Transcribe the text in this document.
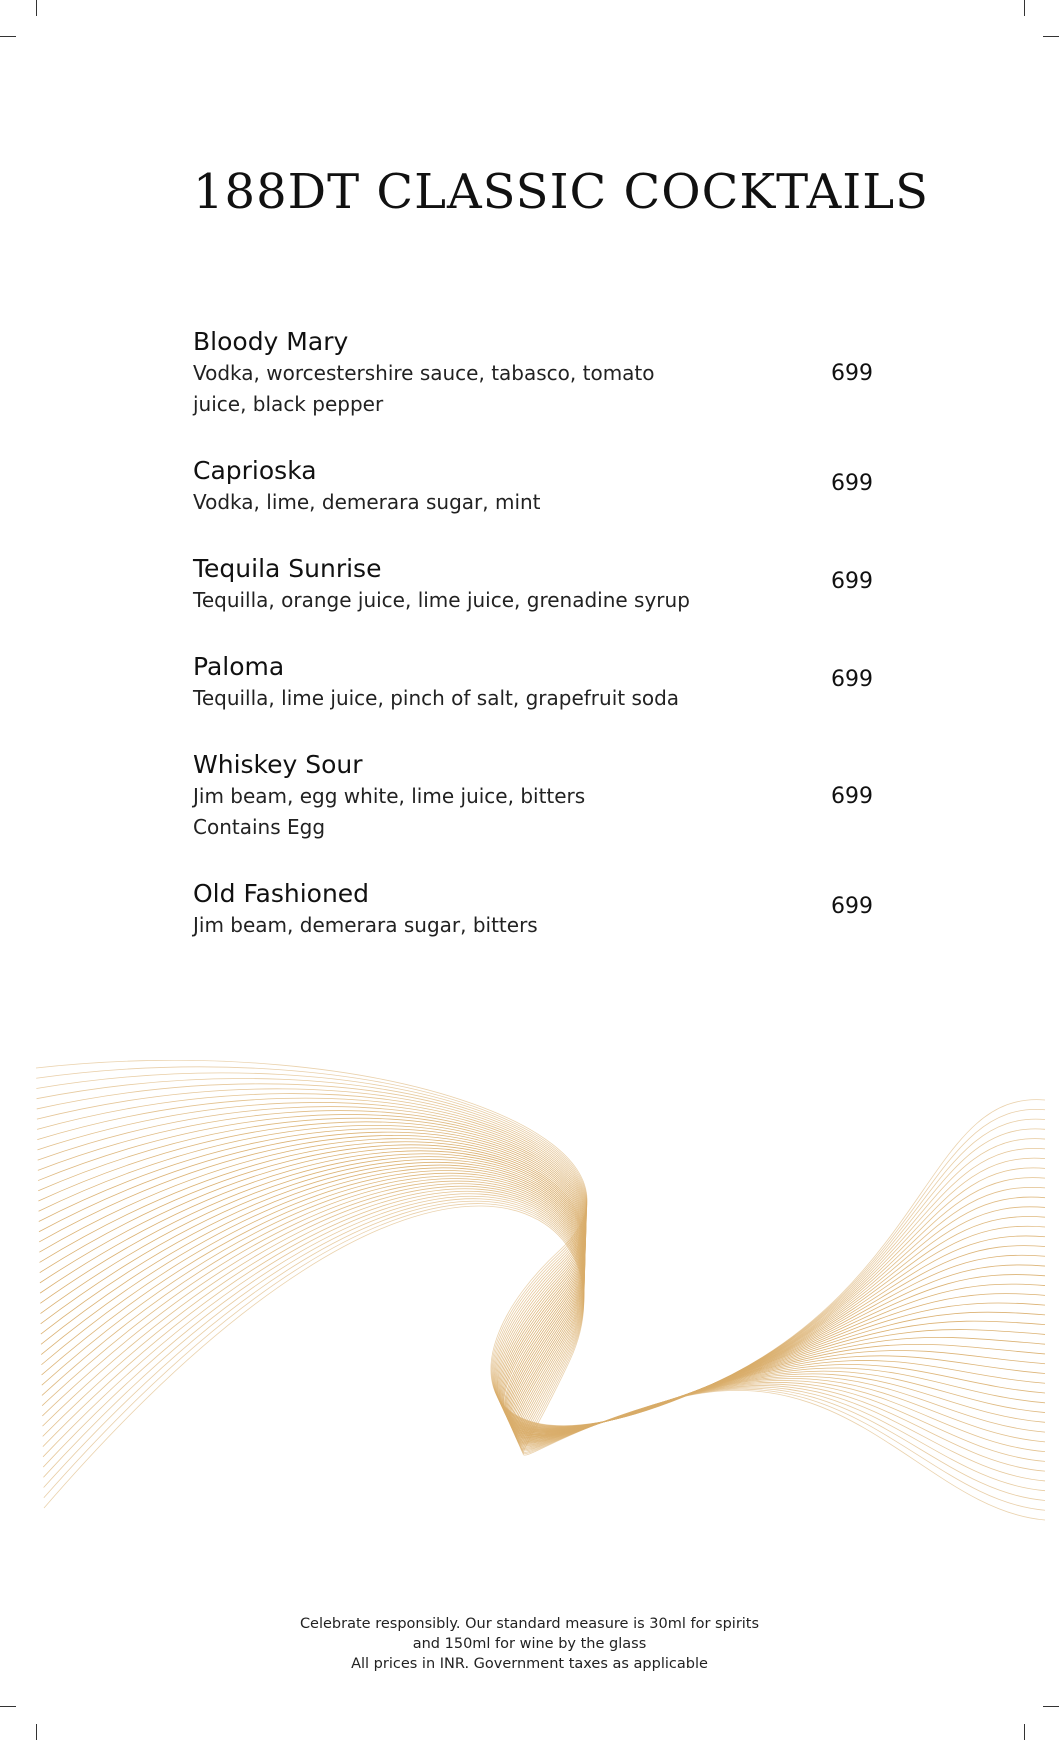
188DT CLASSIC COCKTAILS
Bloody Mary
Vodka, worcestershire sauce, tabasco, tomato
juice, black pepper
699
Caprioska
Vodka, lime, demerara sugar, mint
699
Tequila Sunrise
Tequilla, orange juice, lime juice, grenadine syrup
699
Paloma
Tequilla, lime juice, pinch of salt, grapefruit soda
699
Whiskey Sour
Jim beam, egg white, lime juice, bitters
Contains Egg
699
Old Fashioned
Jim beam, demerara sugar, bitters
699
Celebrate responsibly. Our standard measure is 30ml for spirits
and 150ml for wine by the glass
All prices in INR. Government taxes as applicable
